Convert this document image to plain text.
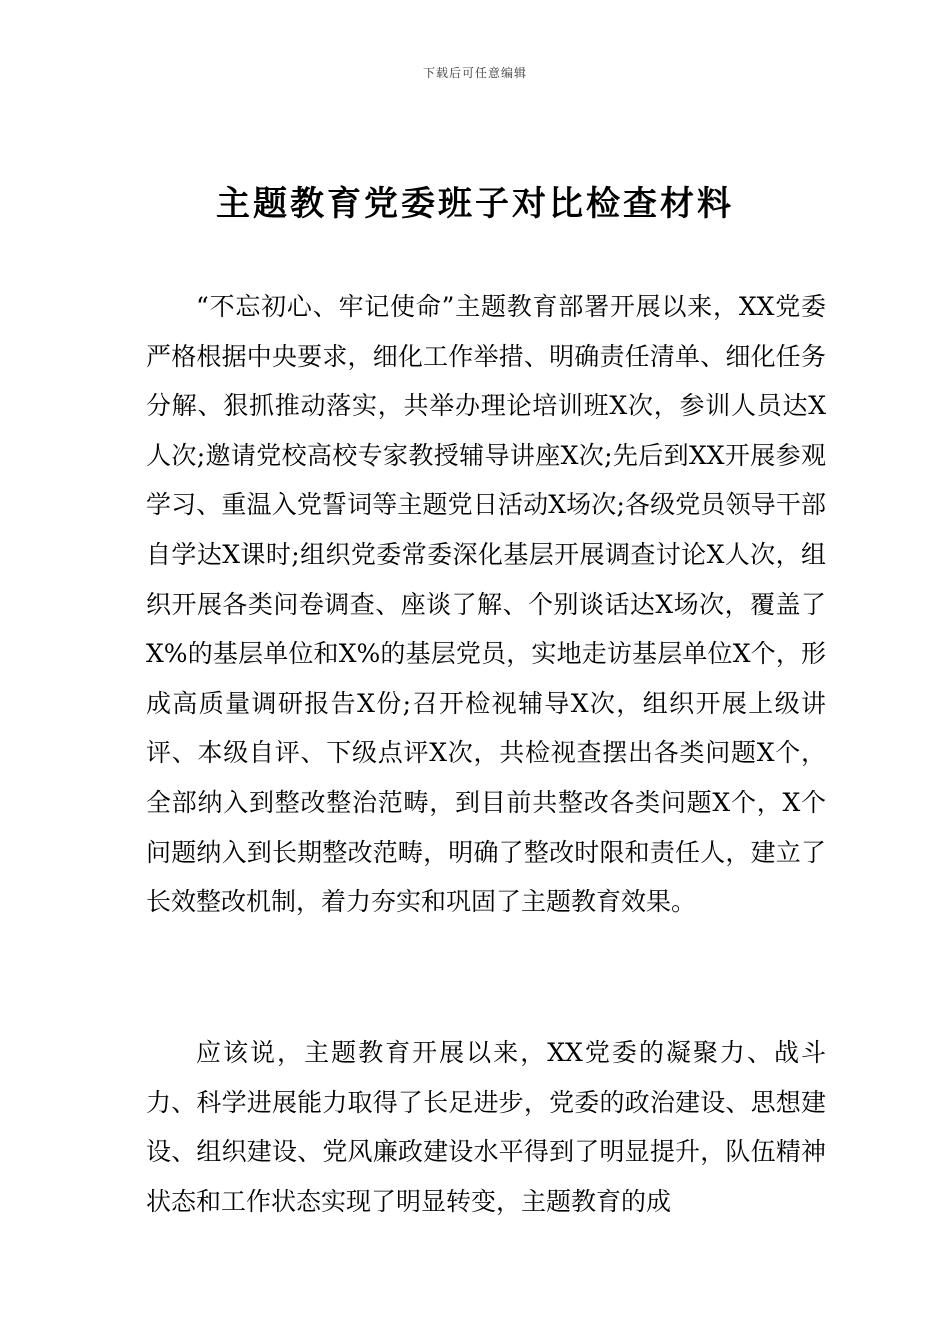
下载后可任意编辑
主题教育党委班子对比检查材料

“不忘初心、牢记使命”主题教育部署开展以来，XX党委严格根据中央要求，细化工作举措、明确责任清单、细化任务分解、狠抓推动落实，共举办理论培训班X次，参训人员达X人次;邀请党校高校专家教授辅导讲座X次;先后到XX开展参观学习、重温入党誓词等主题党日活动X场次;各级党员领导干部自学达X课时;组织党委常委深化基层开展调查讨论X人次，组织开展各类问卷调查、座谈了解、个别谈话达X场次，覆盖了X%的基层单位和X%的基层党员，实地走访基层单位X个，形成高质量调研报告X份;召开检视辅导X次，组织开展上级讲评、本级自评、下级点评X次，共检视查摆出各类问题X个，全部纳入到整改整治范畴，到目前共整改各类问题X个，X个问题纳入到长期整改范畴，明确了整改时限和责任人，建立了长效整改机制，着力夯实和巩固了主题教育效果。

应该说，主题教育开展以来，XX党委的凝聚力、战斗力、科学进展能力取得了长足进步，党委的政治建设、思想建设、组织建设、党风廉政建设水平得到了明显提升，队伍精神状态和工作状态实现了明显转变，主题教育的成
